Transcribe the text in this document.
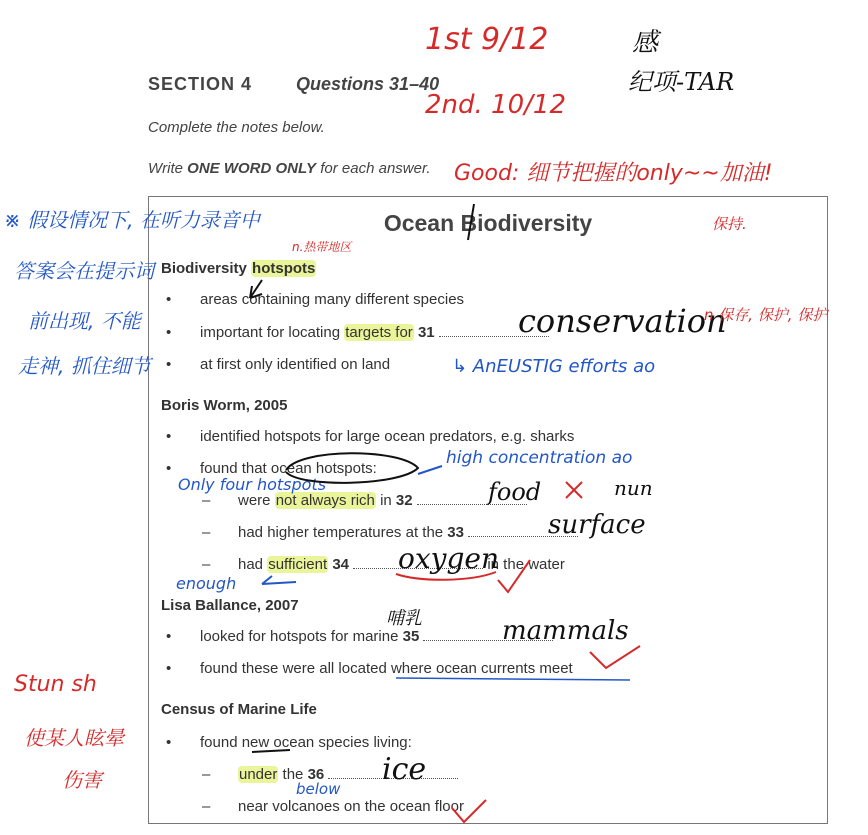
SECTION 4 Questions 31–40
Complete the notes below.
Write ONE WORD ONLY for each answer.
Ocean Biodiversity
Biodiversity hotspots
• areas containing many different species
• important for locating targets for 31
• at first only identified on land
Boris Worm, 2005
• identified hotspots for large ocean predators, e.g. sharks
• found that ocean hotspots:
– were not always rich in 32
– had higher temperatures at the 33
– had sufficient 34	in the water
Lisa Ballance, 2007
• looked for hotspots for marine 35
• found these were all located where ocean currents meet
Census of Marine Life
• found new ocean species living:
– under the 36
– near volcanoes on the ocean floor
1st 9/12
2nd. 10/12
感
纪项-TAR
Good: 细节把握的only~~加油!
保持.
※ 假设情况下, 在听力录音中
答案会在提示词
前出现, 不能
走神, 抓住细节
n.热带地区
conservation
n 保存, 保护, 保护
↳ AnEUSTIG efforts ao
high concentration ao
Only four hotspots	food	nun
surface
oxygen
enough
哺乳	mammals
ice
below
Stun sh
使某人眩晕
伤害
